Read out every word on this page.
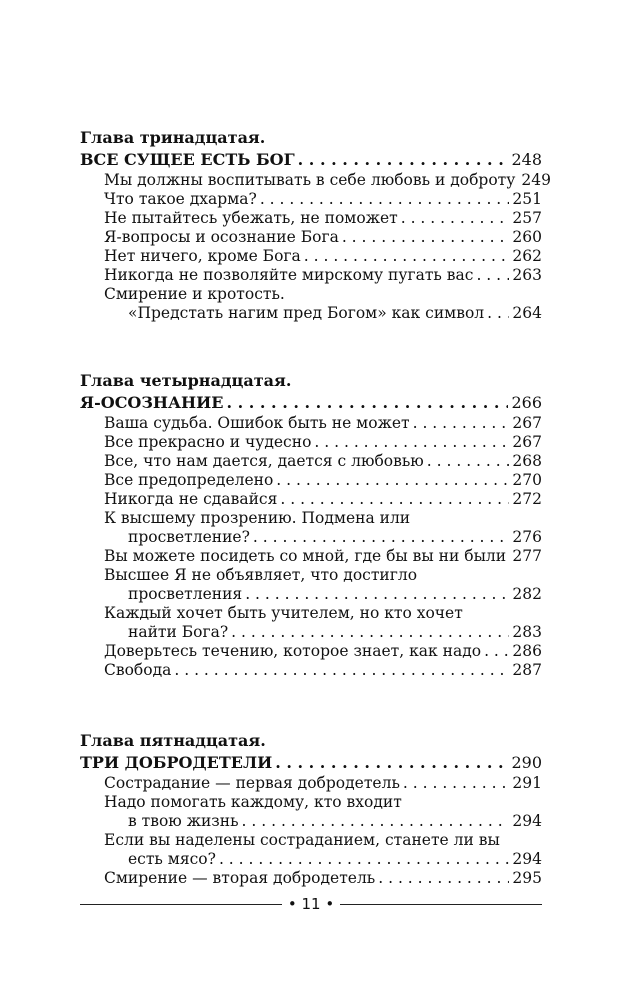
Глава тринадцатая.
ВСЕ СУЩЕЕ ЕСТЬ БОГ . . .	248
Мы должны воспитывать в себе любовь и доброту 249
Что такое дхарма? . . .	251
Не пытайтесь убежать, не поможет . . .	257
Я-вопросы и осознание Бога . . .	260
Нет ничего, кроме Бога . . .	262
Никогда не позволяйте мирскому пугать вас . . .	263
Смирение и кротость.
«Предстать нагим пред Богом» как символ . . . 264
Глава четырнадцатая.
Я-ОСОЗНАНИЕ . . .	266
Ваша судьба. Ошибок быть не может . . .	267
Все прекрасно и чудесно . . .	267
Все, что нам дается, дается с любовью . . .	268
Все предопределено . . .	270
Никогда не сдавайся . . .	272
К высшему прозрению. Подмена или
просветление? . . .	276
Вы можете посидеть со мной, где бы вы ни были . . . 277
Высшее Я не объявляет, что достигло
просветления . . .	282
Каждый хочет быть учителем, но кто хочет
найти Бога? . . .	283
Доверьтесь течению, которое знает, как надо . . . 286
Свобода . . .	287
Глава пятнадцатая.
ТРИ ДОБРОДЕТЕЛИ . . .	290
Сострадание — первая добродетель . . .	291
Надо помогать каждому, кто входит
в твою жизнь . . .	294
Если вы наделены состраданием, станете ли вы
есть мясо? . . .	294
Смирение — вторая добродетель . . .	295
• 11 •
